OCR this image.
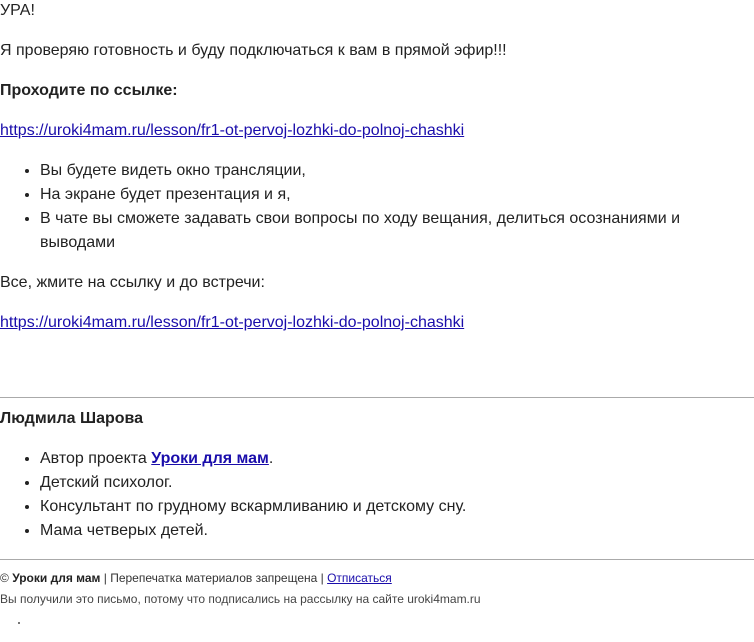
УРА!

Я проверяю готовность и буду подключаться к вам в прямой эфир!!!

Проходите по ссылке:

https://uroki4mam.ru/lesson/fr1-ot-pervoj-lozhki-do-polnoj-chashki

• Вы будете видеть окно трансляции,
• На экране будет презентация и я,
• В чате вы сможете задавать свои вопросы по ходу вещания, делиться осознаниями и выводами

Все, жмите на ссылку и до встречи:

https://uroki4mam.ru/lesson/fr1-ot-pervoj-lozhki-do-polnoj-chashki

Людмила Шарова

• Автор проекта Уроки для мам.
• Детский психолог.
• Консультант по грудному вскармливанию и детскому сну.
• Мама четверых детей.

© Уроки для мам | Перепечатка материалов запрещена | Отписаться

Вы получили это письмо, потому что подписались на рассылку на сайте uroki4mam.ru
